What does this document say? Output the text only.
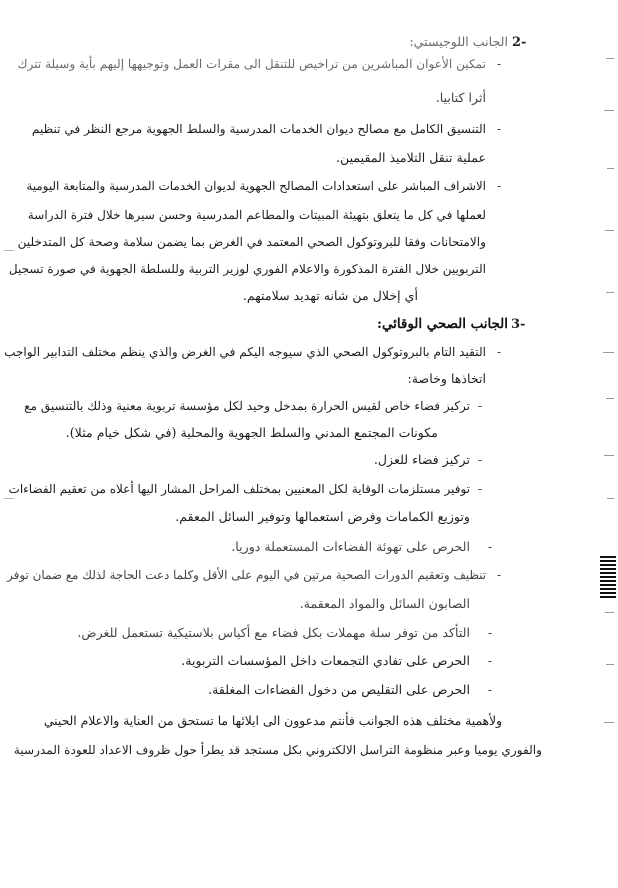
2-
الجانب اللوجيستي:
-
تمكين الأعوان المباشرين من تراخيص للتنقل الى مقرات العمل وتوجيهها إليهم بأية وسيلة تترك
أثرا كتابيا.
-
التنسيق الكامل مع مصالح ديوان الخدمات المدرسية والسلط الجهوية مرجع النظر في تنظيم
عملية تنقل التلاميذ المقيمين.
-
الاشراف المباشر على استعدادات المصالح الجهوية لديوان الخدمات المدرسية والمتابعة اليومية
لعملها في كل ما يتعلق بتهيئة المبيتات والمطاعم المدرسية وحسن سيرها خلال فترة الدراسة
والامتحانات وفقا للبروتوكول الصحي المعتمد في الغرض بما يضمن سلامة وصحة كل المتدخلين
التربويين خلال الفترة المذكورة والاعلام الفوري لوزير التربية وللسلطة الجهوية في صورة تسجيل
أي إخلال من شانه تهديد سلامتهم.
3-
الجانب الصحي الوقائي:
-
التقيد التام بالبروتوكول الصحي الذي سيوجه اليكم في الغرض والذي ينظم مختلف التدابير الواجب
اتخاذها وخاصة:
-
تركيز فضاء خاص لقيس الحرارة بمدخل وحيد لكل مؤسسة تربوية معنية وذلك بالتنسيق مع
مكونات المجتمع المدني والسلط الجهوية والمحلية (في شكل خيام مثلا).
-
تركيز فضاء للعزل.
-
توفير مستلزمات الوقاية لكل المعنيين بمختلف المراحل المشار اليها أعلاه من تعقيم الفضاءات
وتوزيع الكمامات وفرض استعمالها وتوفير السائل المعقم.
-
الحرص على تهوئة الفضاءات المستعملة دوريا.
-
تنظيف وتعقيم الدورات الصحية مرتين في اليوم على الأقل وكلما دعت الحاجة لذلك مع ضمان توفر
الصابون السائل والمواد المعقمة.
-
التأكد من توفر سلة مهملات بكل فضاء مع أكياس بلاستيكية تستعمل للغرض.
-
الحرص على تفادي التجمعات داخل المؤسسات التربوية.
-
الحرص على التقليص من دخول الفضاءات المغلقة.
ولأهمية مختلف هذه الجوانب فأنتم مدعوون الى ايلائها ما تستحق من العناية والاعلام الحيني
والفوري يوميا وعبر منظومة التراسل الالكتروني بكل مستجد قد يطرأ حول ظروف الاعداد للعودة المدرسية
